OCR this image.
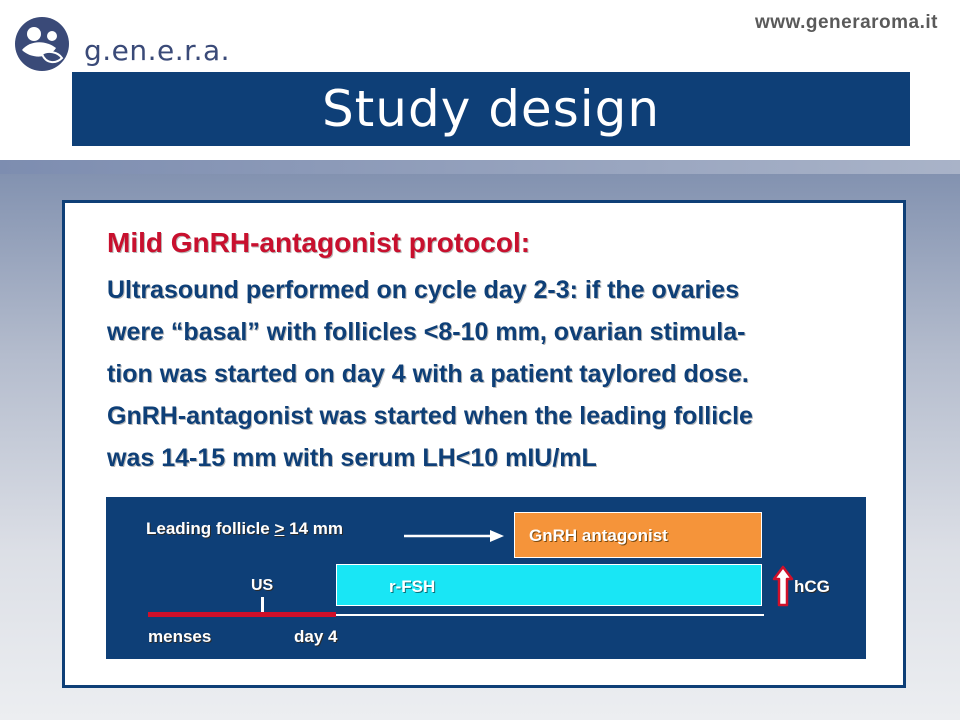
g.en.e.r.a.
www.generaroma.it
Study design
Mild GnRH-antagonist protocol:
Ultrasound performed on cycle day 2-3: if the ovaries
were “basal” with follicles <8-10 mm, ovarian stimula-
tion was started on day 4 with a patient taylored dose.
GnRH-antagonist was started when the leading follicle
was 14-15 mm with serum LH<10 mIU/mL
Leading follicle > 14 mm	GnRH antagonist
US	r-FSH	hCG
menses	day 4
